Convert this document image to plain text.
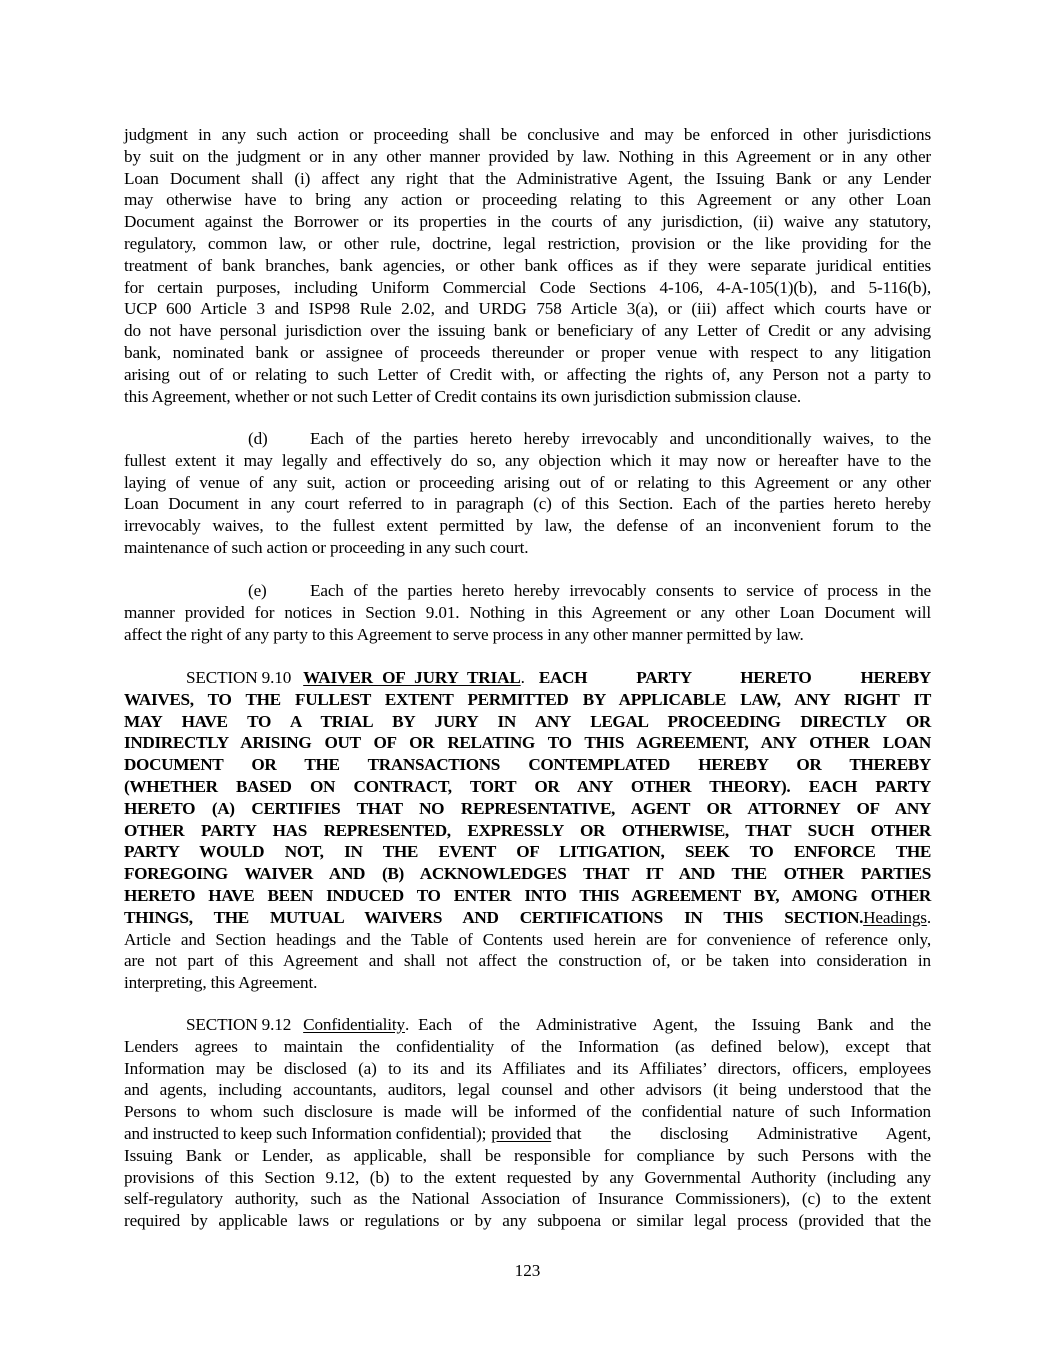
judgment in any such action or proceeding shall be conclusive and may be enforced in other jurisdictions
by suit on the judgment or in any other manner provided by law. Nothing in this Agreement or in any other
Loan Document shall (i) affect any right that the Administrative Agent, the Issuing Bank or any Lender
may otherwise have to bring any action or proceeding relating to this Agreement or any other Loan
Document against the Borrower or its properties in the courts of any jurisdiction, (ii) waive any statutory,
regulatory, common law, or other rule, doctrine, legal restriction, provision or the like providing for the
treatment of bank branches, bank agencies, or other bank offices as if they were separate juridical entities
for certain purposes, including Uniform Commercial Code Sections 4-106, 4-A-105(1)(b), and 5-116(b),
UCP 600 Article 3 and ISP98 Rule 2.02, and URDG 758 Article 3(a), or (iii) affect which courts have or
do not have personal jurisdiction over the issuing bank or beneficiary of any Letter of Credit or any advising
bank, nominated bank or assignee of proceeds thereunder or proper venue with respect to any litigation
arising out of or relating to such Letter of Credit with, or affecting the rights of, any Person not a party to
this Agreement, whether or not such Letter of Credit contains its own jurisdiction submission clause.
(d) Each of the parties hereto hereby irrevocably and unconditionally waives, to the
fullest extent it may legally and effectively do so, any objection which it may now or hereafter have to the
laying of venue of any suit, action or proceeding arising out of or relating to this Agreement or any other
Loan Document in any court referred to in paragraph (c) of this Section. Each of the parties hereto hereby
irrevocably waives, to the fullest extent permitted by law, the defense of an inconvenient forum to the
maintenance of such action or proceeding in any such court.
(e)	Each of the parties hereto hereby irrevocably consents to service of process in the
manner provided for notices in Section 9.01. Nothing in this Agreement or any other Loan Document will
affect the right of any party to this Agreement to serve process in any other manner permitted by law.
SECTION 9.10 WAIVER OF JURY TRIAL . EACH PARTY HERETO HEREBY
WAIVES, TO THE FULLEST EXTENT PERMITTED BY APPLICABLE LAW, ANY RIGHT IT
MAY HAVE TO A TRIAL BY JURY IN ANY LEGAL PROCEEDING DIRECTLY OR
INDIRECTLY ARISING OUT OF OR RELATING TO THIS AGREEMENT, ANY OTHER LOAN
DOCUMENT OR THE TRANSACTIONS CONTEMPLATED HEREBY OR THEREBY
(WHETHER BASED ON CONTRACT, TORT OR ANY OTHER THEORY). EACH PARTY
HERETO (A) CERTIFIES THAT NO REPRESENTATIVE, AGENT OR ATTORNEY OF ANY
OTHER PARTY HAS REPRESENTED, EXPRESSLY OR OTHERWISE, THAT SUCH OTHER
PARTY WOULD NOT, IN THE EVENT OF LITIGATION, SEEK TO ENFORCE THE
FOREGOING WAIVER AND (B) ACKNOWLEDGES THAT IT AND THE OTHER PARTIES
HERETO HAVE BEEN INDUCED TO ENTER INTO THIS AGREEMENT BY, AMONG OTHER
THINGS, THE MUTUAL WAIVERS AND CERTIFICATIONS IN THIS SECTION. Headings .
Article and Section headings and the Table of Contents used herein are for convenience of reference only,
are not part of this Agreement and shall not affect the construction of, or be taken into consideration in
interpreting, this Agreement.
SECTION 9.12 Confidentiality . Each of the Administrative Agent, the Issuing Bank and the
Lenders agrees to maintain the confidentiality of the Information (as defined below), except that
Information may be disclosed (a) to its and its Affiliates and its Affiliates’ directors, officers, employees
and agents, including accountants, auditors, legal counsel and other advisors (it being understood that the
Persons to whom such disclosure is made will be informed of the confidential nature of such Information
and instructed to keep such Information confidential); provided that the disclosing Administrative Agent,
Issuing Bank or Lender, as applicable, shall be responsible for compliance by such Persons with the
provisions of this Section 9.12, (b) to the extent requested by any Governmental Authority (including any
self-regulatory authority, such as the National Association of Insurance Commissioners), (c) to the extent
required by applicable laws or regulations or by any subpoena or similar legal process (provided that the
123
